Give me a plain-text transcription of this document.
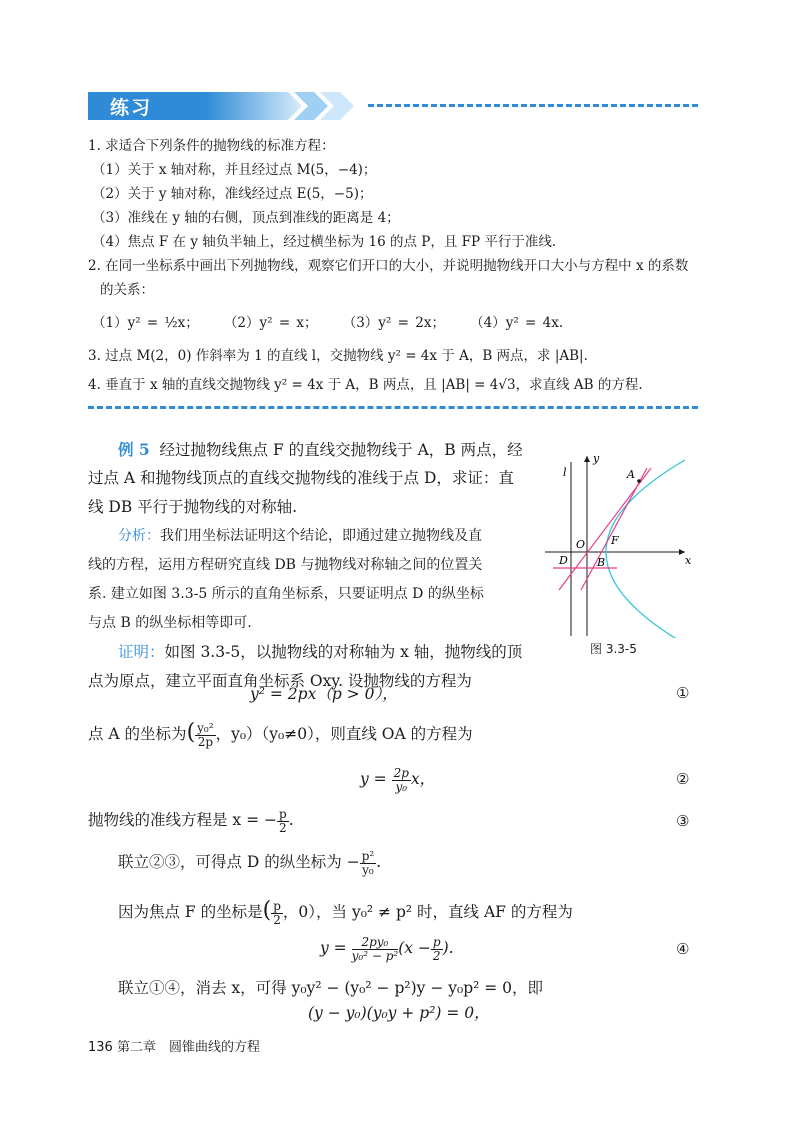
练习
1. 求适合下列条件的抛物线的标准方程：
（1）关于 x 轴对称，并且经过点 M(5，−4)；
（2）关于 y 轴对称，准线经过点 E(5，−5)；
（3）准线在 y 轴的右侧，顶点到准线的距离是 4；
（4）焦点 F 在 y 轴负半轴上，经过横坐标为 16 的点 P，且 FP 平行于准线.
2. 在同一坐标系中画出下列抛物线，观察它们开口的大小，并说明抛物线开口大小与方程中 x 的系数
的关系：
（1）y² = ½x； （2）y² = x； （3）y² = 2x； （4）y² = 4x.
3. 过点 M(2，0) 作斜率为 1 的直线 l，交抛物线 y² = 4x 于 A，B 两点，求 |AB|.
4. 垂直于 x 轴的直线交抛物线 y² = 4x 于 A，B 两点，且 |AB| = 4√3，求直线 AB 的方程.
例 5 经过抛物线焦点 F 的直线交抛物线于 A，B 两点，经
过点 A 和抛物线顶点的直线交抛物线的准线于点 D，求证：直
线 DB 平行于抛物线的对称轴.
分析：我们用坐标法证明这个结论，即通过建立抛物线及直
线的方程，运用方程研究直线 DB 与抛物线对称轴之间的位置关
系. 建立如图 3.3-5 所示的直角坐标系，只要证明点 D 的纵坐标
与点 B 的纵坐标相等即可.
证明：如图 3.3-5，以抛物线的对称轴为 x 轴，抛物线的顶
点为原点，建立平面直角坐标系 Oxy. 设抛物线的方程为
y² = 2px（p > 0），	①
点 A 的坐标为( $\frac{\text{y₀²}}{2p}$ ，y₀）（y₀≠0），则直线 OA 的方程为
$y = \frac{2p}{\text{y₀}}$ x，	②
抛物线的准线方程是 x = − $\frac{p}{2}$ .	③
联立②③，可得点 D 的纵坐标为 − $\frac{\text{p²}}{\text{y₀}}$ .
因为焦点 F 的坐标是( $\frac{p}{2}$ ，0），当 y₀² ≠ p² 时，直线 AF 的方程为
$y = \frac{\text{2py₀}}{\text{y₀² − p²}} (x - \frac{p}{2}$ ).	④
联立①④，消去 x，可得 y₀y² − (y₀² − p²)y − y₀p² = 0，即
(y − y₀)(y₀y + p²) = 0，
y
x
l	A
O F
D	B
图 3.3-5
136 第二章　圆锥曲线的方程
